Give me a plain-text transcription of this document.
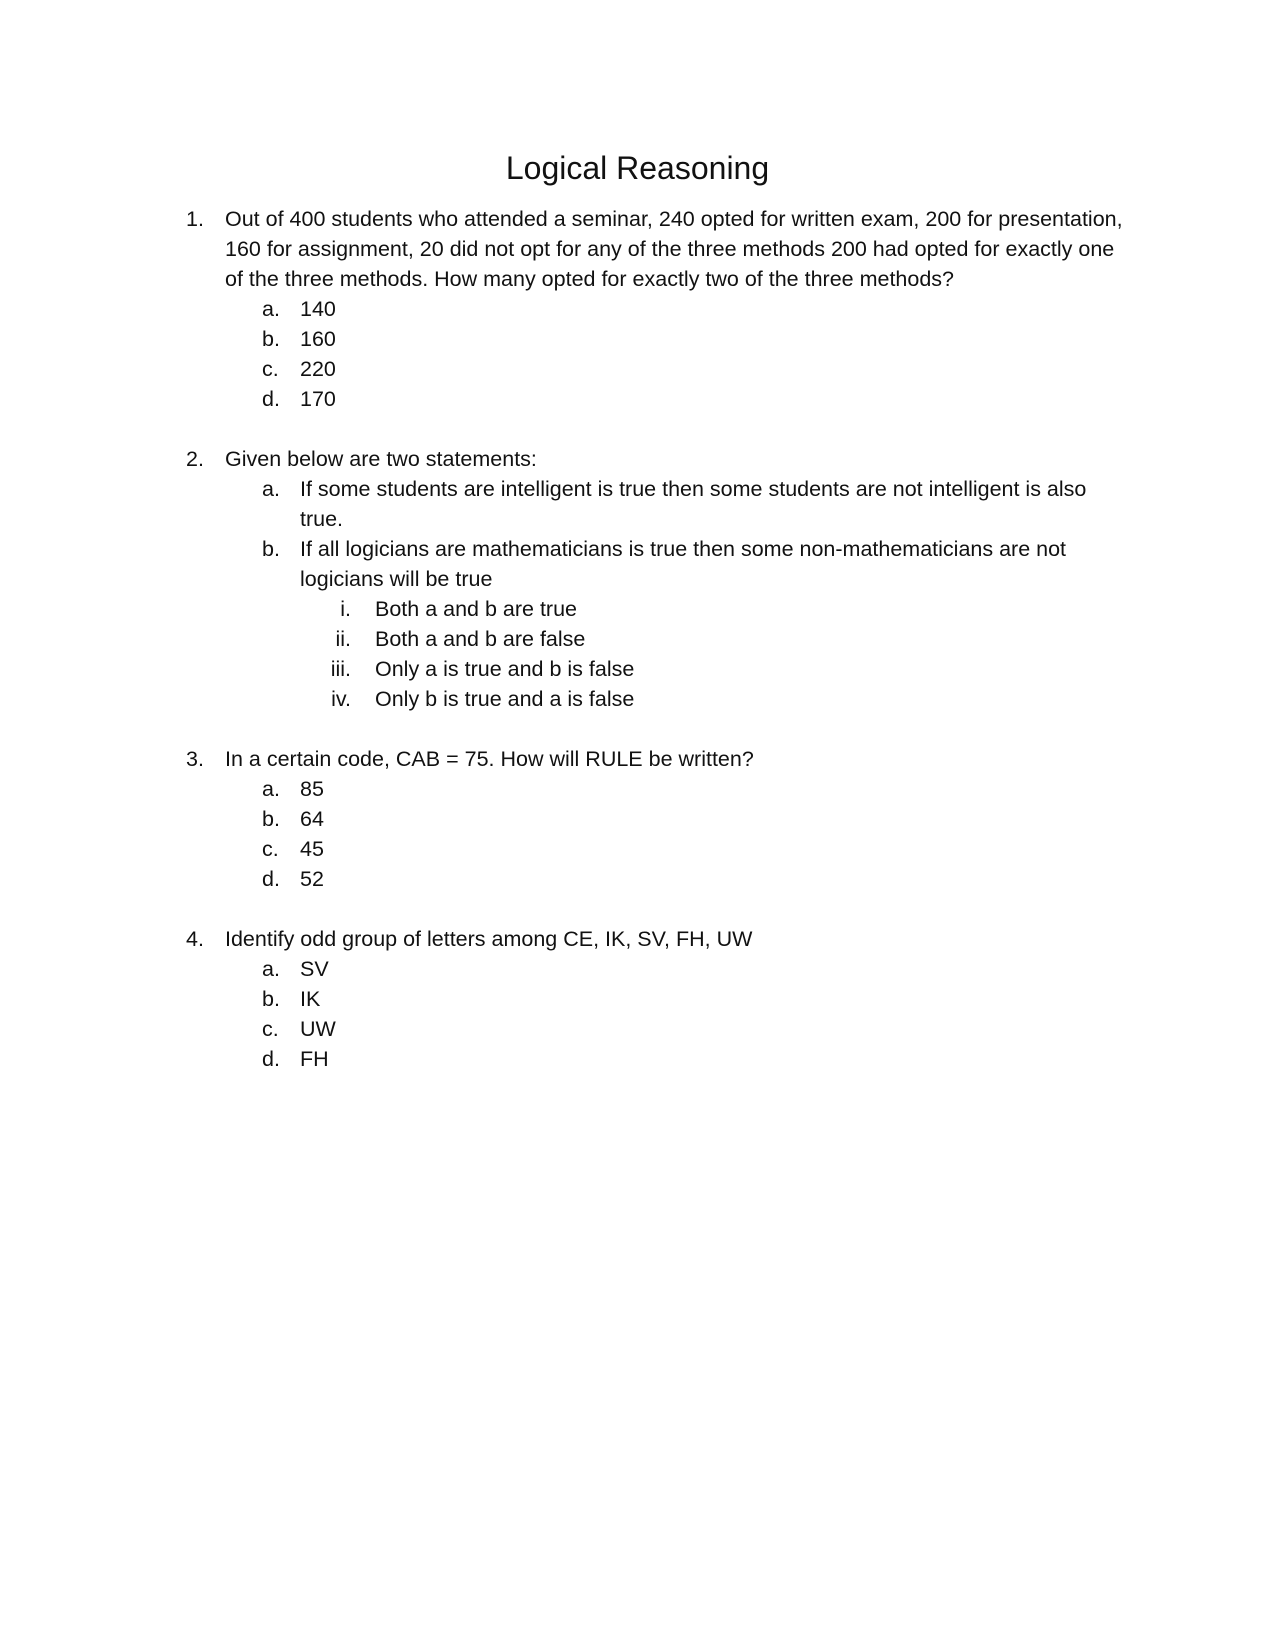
Logical Reasoning
1. Out of 400 students who attended a seminar, 240 opted for written exam, 200 for presentation, 160 for assignment, 20 did not opt for any of the three methods 200 had opted for exactly one of the three methods. How many opted for exactly two of the three methods?
a. 140
b. 160
c. 220
d. 170
2. Given below are two statements:
a. If some students are intelligent is true then some students are not intelligent is also true.
b. If all logicians are mathematicians is true then some non-mathematicians are not logicians will be true
i. Both a and b are true
ii. Both a and b are false
iii. Only a is true and b is false
iv. Only b is true and a is false
3. In a certain code, CAB = 75. How will RULE be written?
a. 85
b. 64
c. 45
d. 52
4. Identify odd group of letters among CE, IK, SV, FH, UW
a. SV
b. IK
c. UW
d. FH
